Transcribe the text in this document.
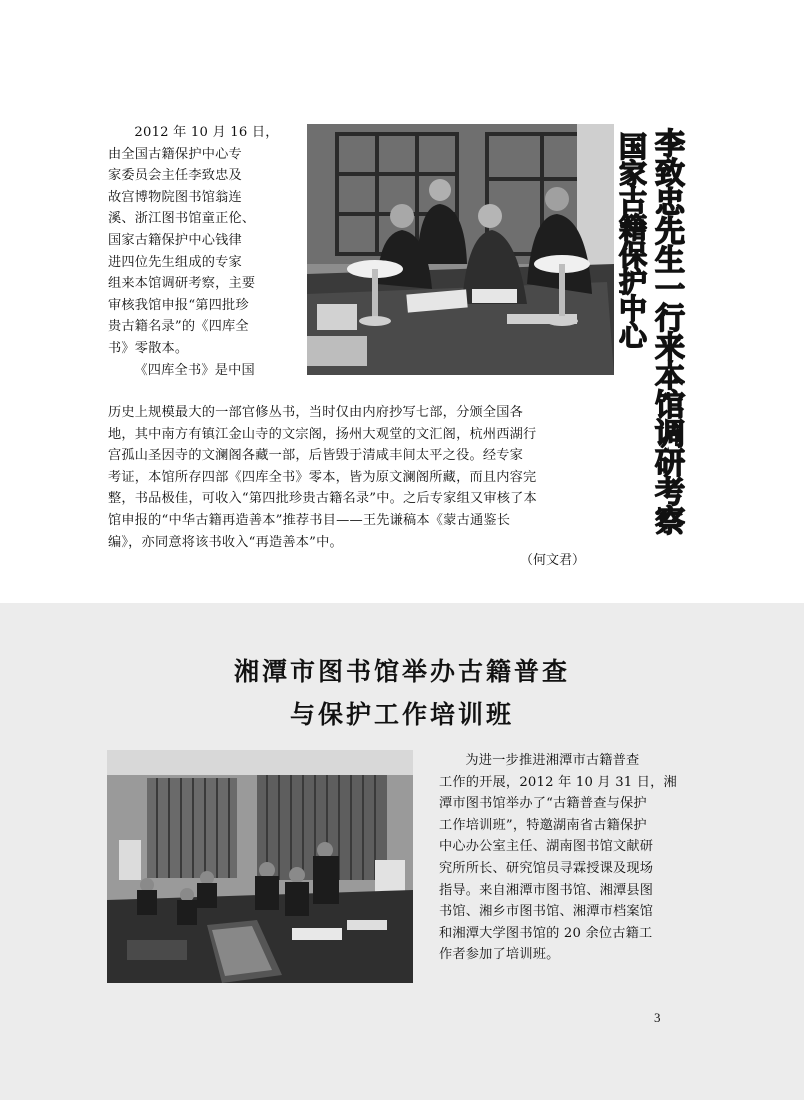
2012 年 10 月 16 日，

由全国古籍保护中心专

家委员会主任李致忠及

故宫博物院图书馆翁连

溪、浙江图书馆童正伦、

国家古籍保护中心钱律

进四位先生组成的专家

组来本馆调研考察，主要

审核我馆申报“第四批珍

贵古籍名录”的《四库全

书》零散本。

《四库全书》是中国

国家古籍保护中心 李致忠先生一行来本馆调研考察

历史上规模最大的一部官修丛书，当时仅由内府抄写七部，分颁全国各

地，其中南方有镇江金山寺的文宗阁，扬州大观堂的文汇阁，杭州西湖行

宫孤山圣因寺的文澜阁各藏一部，后皆毁于清咸丰间太平之役。经专家

考证，本馆所存四部《四库全书》零本，皆为原文澜阁所藏，而且内容完

整，书品极佳，可收入“第四批珍贵古籍名录”中。之后专家组又审核了本

馆申报的“中华古籍再造善本”推荐书目——王先谦稿本《蒙古通鉴长

编》，亦同意将该书收入“再造善本”中。

（何文君）
湘潭市图书馆举办古籍普查
与保护工作培训班

为进一步推进湘潭市古籍普查

工作的开展，2012 年 10 月 31 日，湘

潭市图书馆举办了“古籍普查与保护

工作培训班”，特邀湖南省古籍保护

中心办公室主任、湖南图书馆文献研

究所所长、研究馆员寻霖授课及现场

指导。来自湘潭市图书馆、湘潭县图

书馆、湘乡市图书馆、湘潭市档案馆

和湘潭大学图书馆的 20 余位古籍工

作者参加了培训班。

3
